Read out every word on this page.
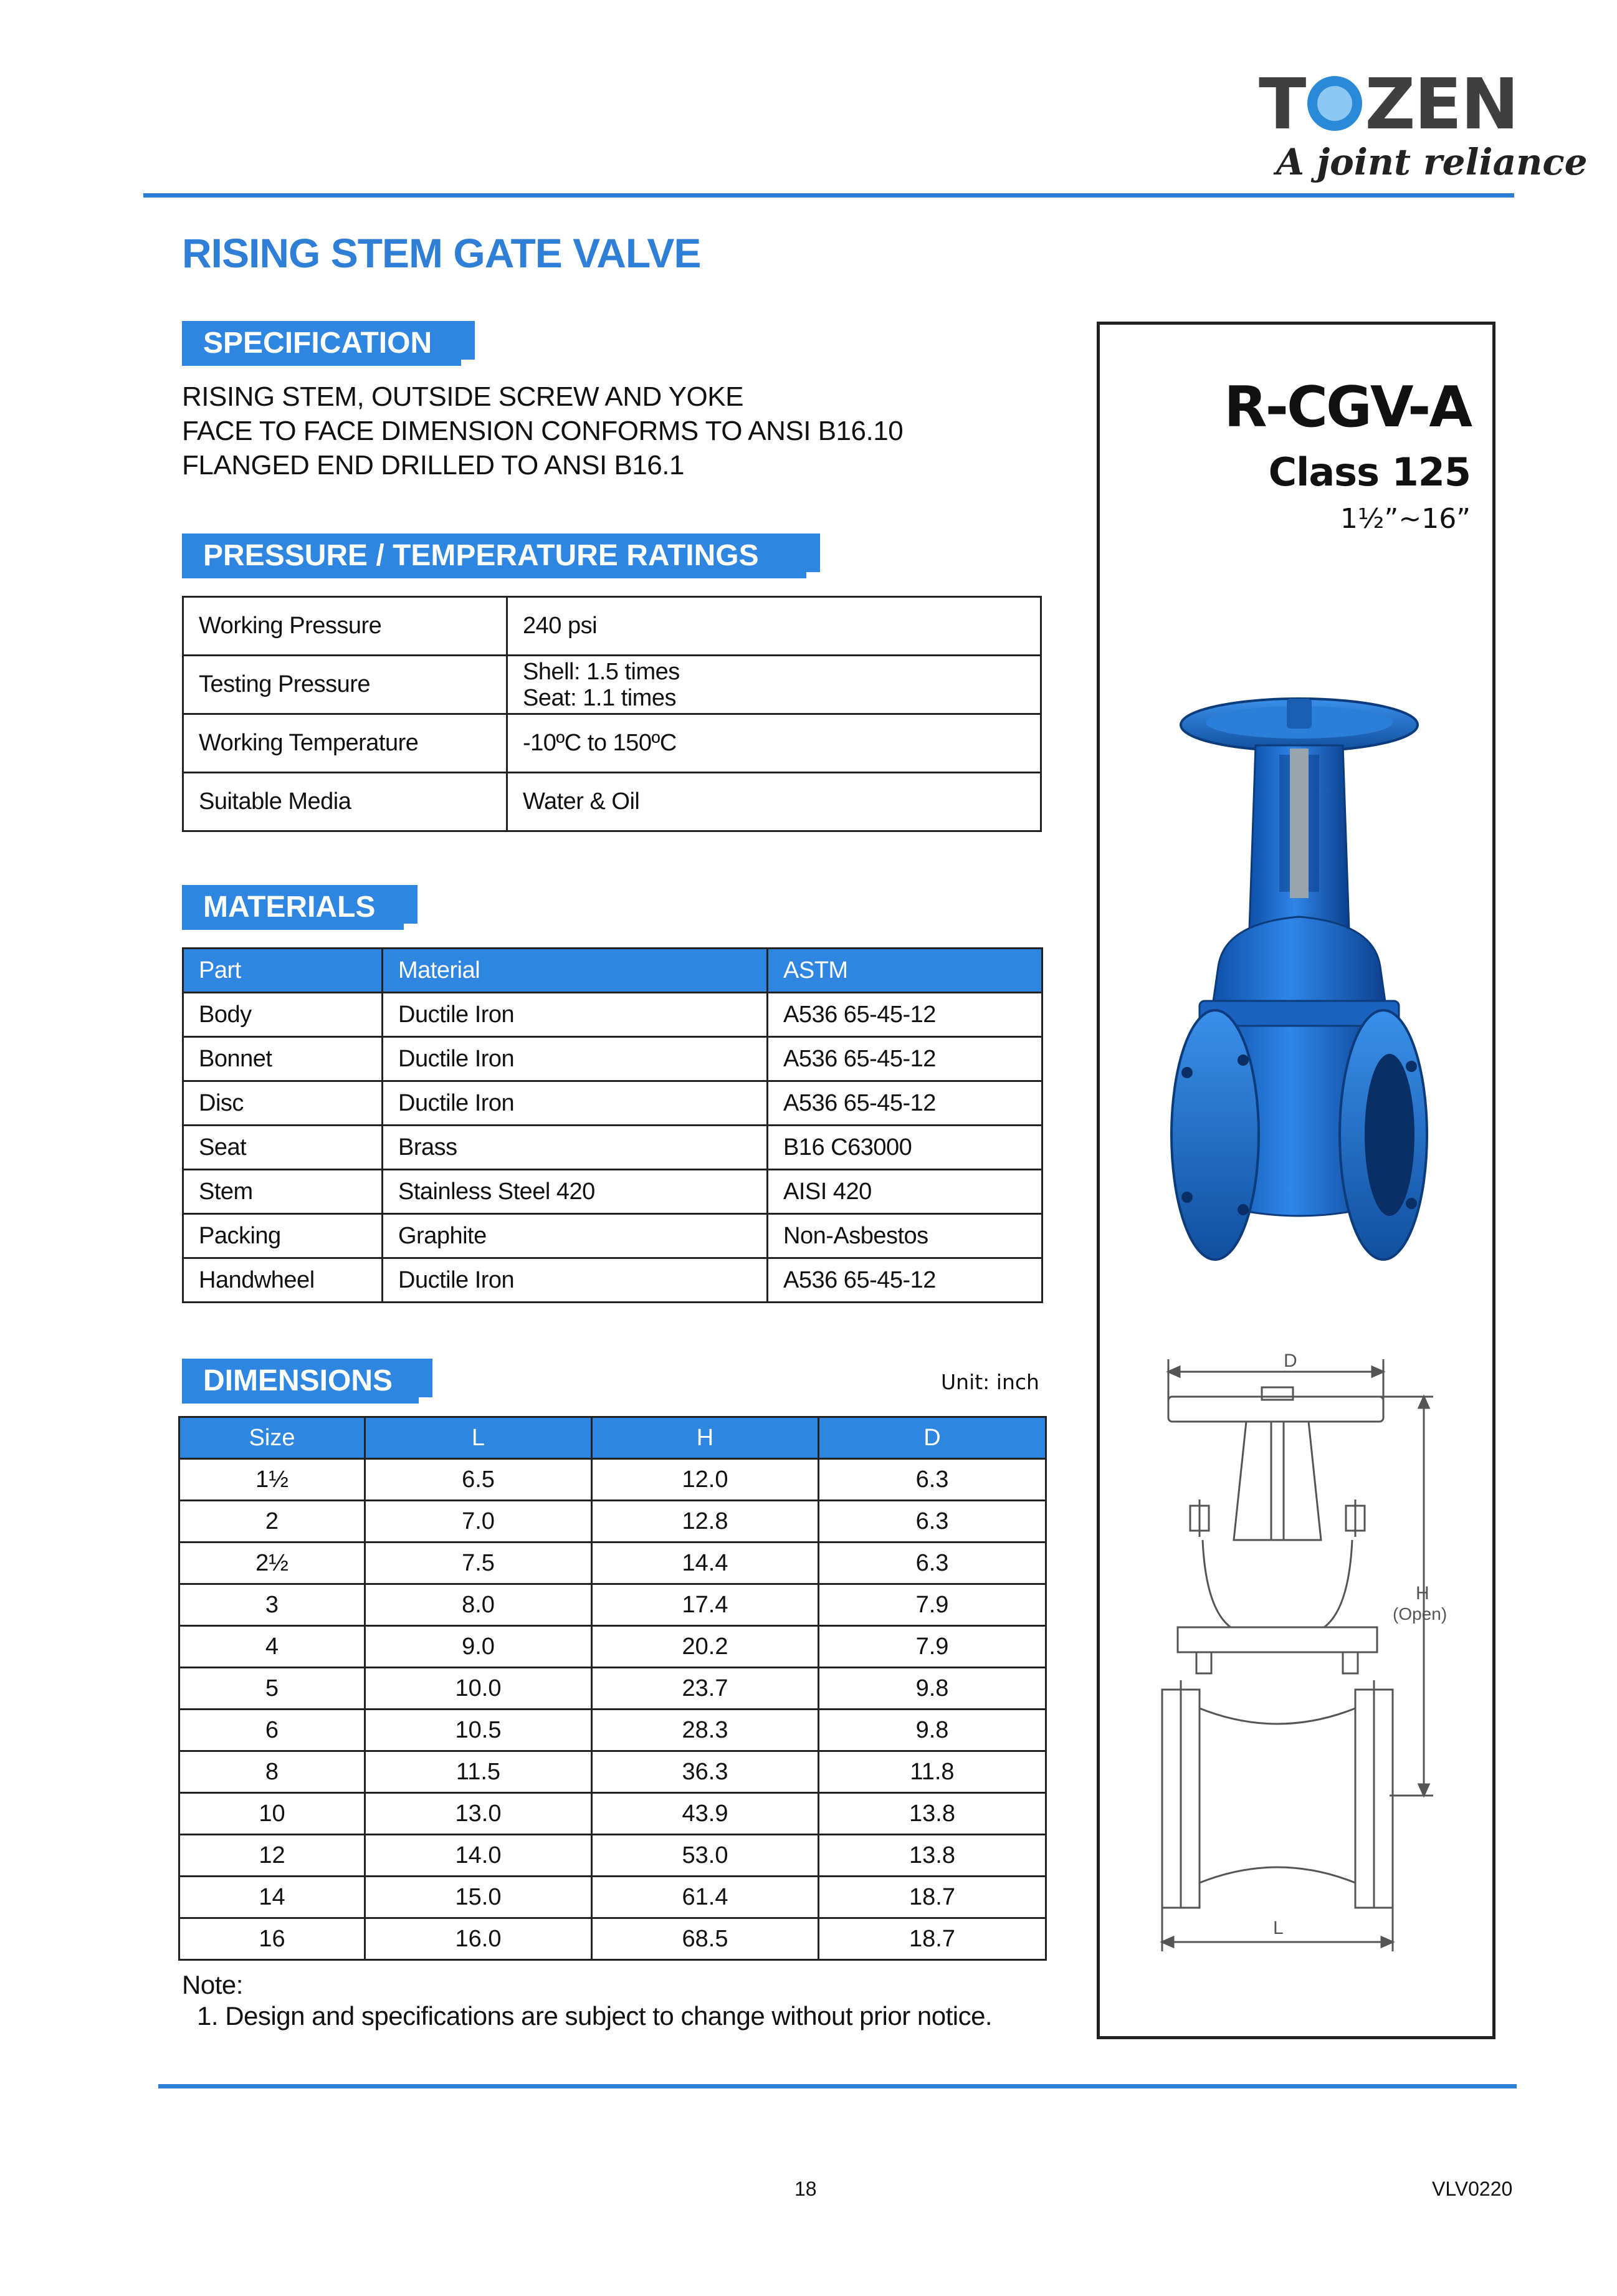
T ZEN
A joint reliance
RISING STEM GATE VALVE
SPECIFICATION
RISING STEM, OUTSIDE SCREW AND YOKE
FACE TO FACE DIMENSION CONFORMS TO ANSI B16.10
FLANGED END DRILLED TO ANSI B16.1
PRESSURE / TEMPERATURE RATINGS
Working Pressure	240 psi
Testing Pressure	Shell: 1.5 times
Seat: 1.1 times

Working Temperature	-10ºC to 150ºC
Suitable Media	Water & Oil
MATERIALS
Part	Material	ASTM
Body	Ductile Iron	A536 65-45-12
Bonnet	Ductile Iron	A536 65-45-12
Disc	Ductile Iron	A536 65-45-12
Seat	Brass	B16 C63000
Stem	Stainless Steel 420	AISI 420
Packing	Graphite	Non-Asbestos
Handwheel	Ductile Iron	A536 65-45-12
DIMENSIONS	Unit: inch
Size	L	H	D
1½	6.5	12.0	6.3
2	7.0	12.8	6.3
2½	7.5	14.4	6.3
3	8.0	17.4	7.9
4	9.0	20.2	7.9
5	10.0	23.7	9.8
6	10.5	28.3	9.8
8	11.5	36.3	11.8
10	13.0	43.9	13.8
12	14.0	53.0	13.8
14	15.0	61.4	18.7
16	16.0	68.5	18.7
Note:
1. Design and specifications are subject to change without prior notice.
R-CGV-A
Class 125
1½”~16”
D
H
(Open)
L
18	VLV0220
